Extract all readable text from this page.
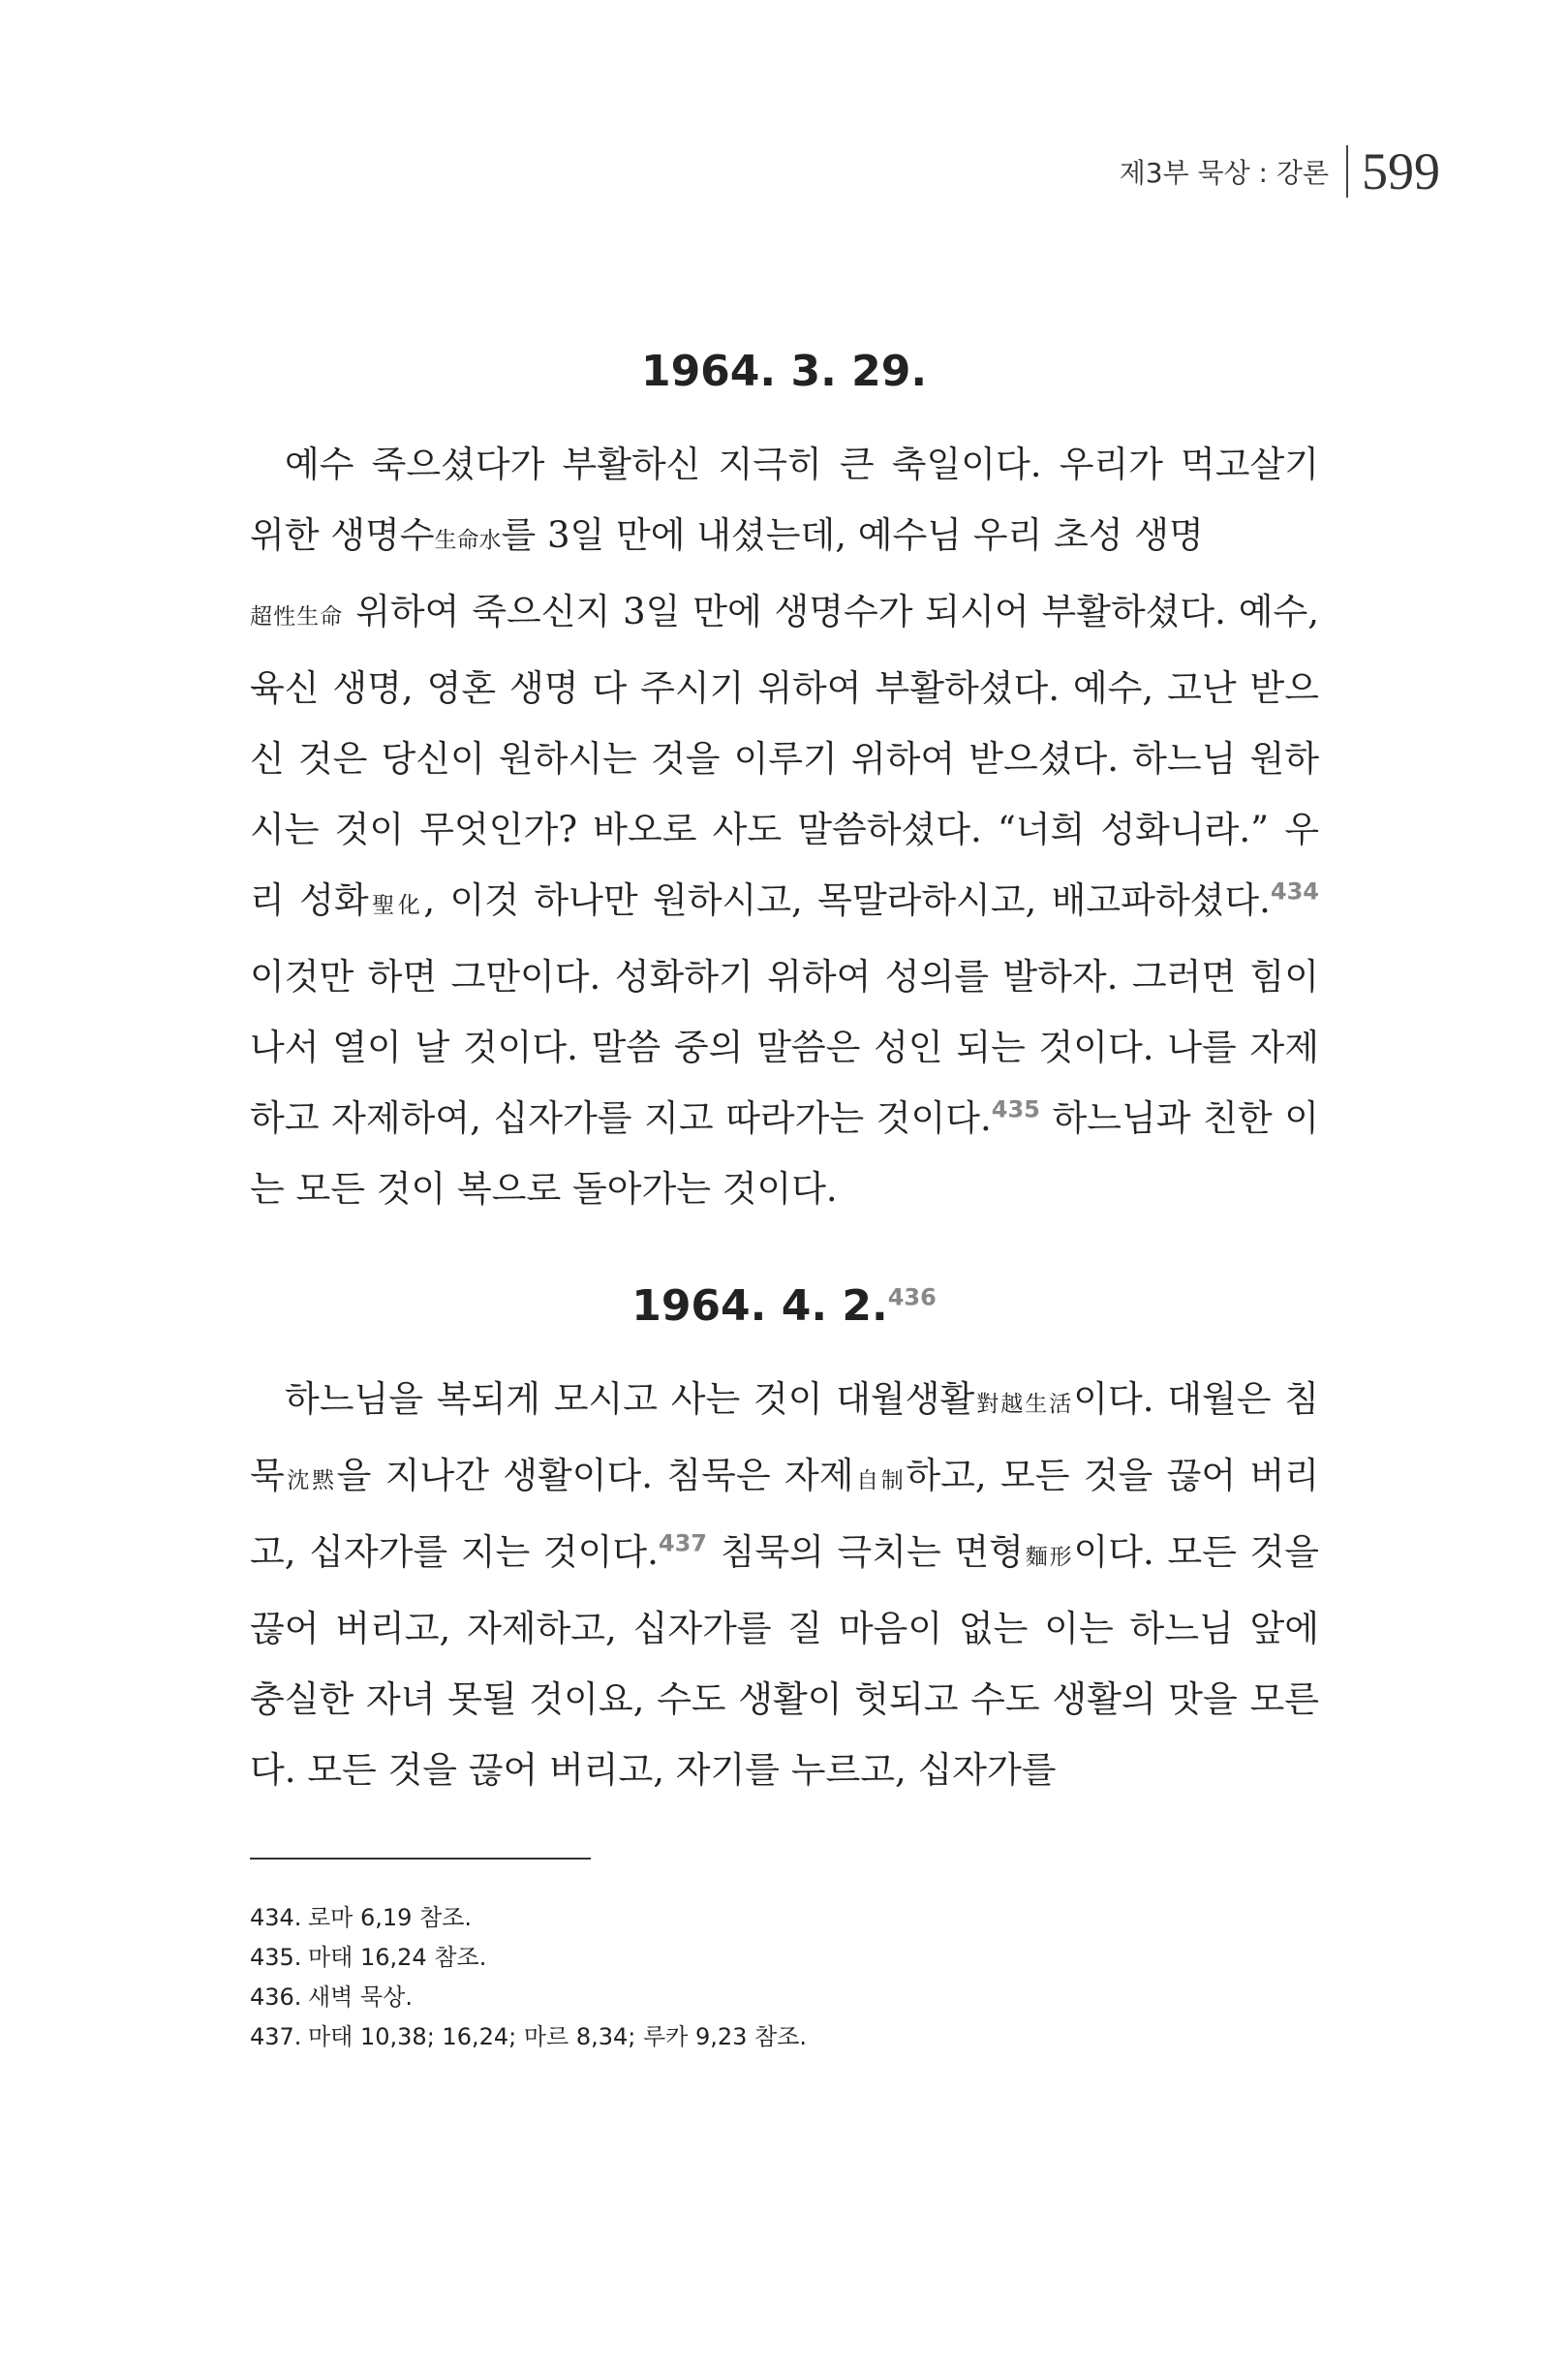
제3부 묵상 : 강론 599
1964. 3. 29.

예수 죽으셨다가 부활하신 지극히 큰 축일이다. 우리가 먹고살기 위한 생명수生命水를 3일 만에 내셨는데, 예수님 우리 초성 생명
超性生命 위하여 죽으신지 3일 만에 생명수가 되시어 부활하셨다. 예수, 육신 생명, 영혼 생명 다 주시기 위하여 부활하셨다. 예수, 고난 받으신 것은 당신이 원하시는 것을 이루기 위하여 받으셨다. 하느님 원하시는 것이 무엇인가? 바오로 사도 말씀하셨다. “너희 성화니라.” 우리 성화聖化, 이것 하나만 원하시고, 목말라하시고, 배고파하셨다.$^{434}$ 이것만 하면 그만이다. 성화하기 위하여 성의를 발하자. 그러면 힘이 나서 열이 날 것이다. 말씀 중의 말씀은 성인 되는 것이다. 나를 자제하고 자제하여, 십자가를 지고 따라가는 것이다.$^{435}$ 하느님과 친한 이는 모든 것이 복으로 돌아가는 것이다.

1964. 4. 2.$^{436}$

하느님을 복되게 모시고 사는 것이 대월생활對越生活이다. 대월은 침묵沈黙을 지나간 생활이다. 침묵은 자제自制하고, 모든 것을 끊어 버리고, 십자가를 지는 것이다.$^{437}$ 침묵의 극치는 면형麵形이다. 모든 것을 끊어 버리고, 자제하고, 십자가를 질 마음이 없는 이는 하느님 앞에 충실한 자녀 못될 것이요, 수도 생활이 헛되고 수도 생활의 맛을 모른다. 모든 것을 끊어 버리고, 자기를 누르고, 십자가를

434. 로마 6,19 참조.
435. 마태 16,24 참조.
436. 새벽 묵상.
437. 마태 10,38; 16,24; 마르 8,34; 루카 9,23 참조.
